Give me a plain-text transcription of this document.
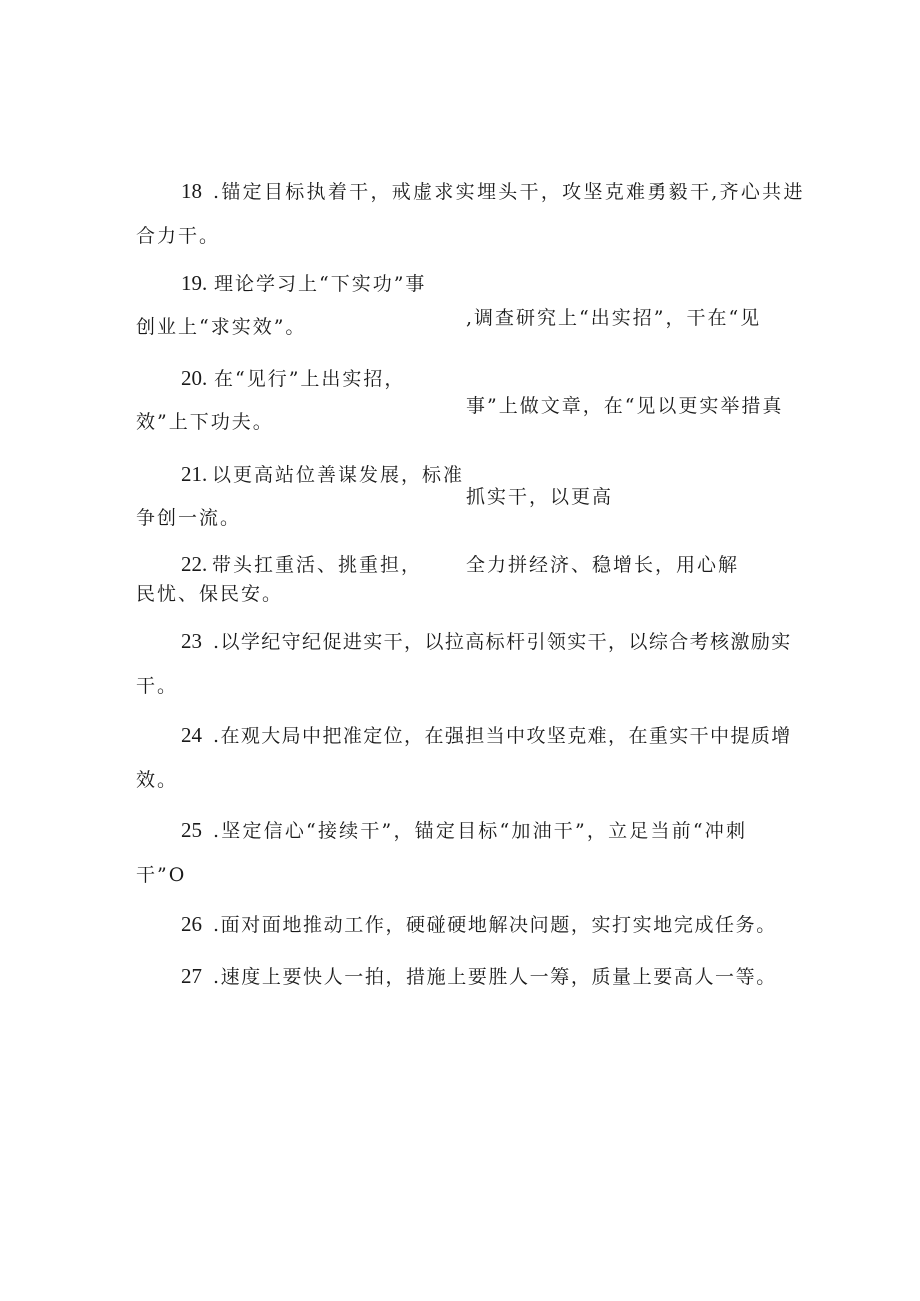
18 .锚定目标执着干，戒虚求实埋头干，攻坚克难勇毅干,齐心共进
合力干。
19. 理论学习上“下实功”事
,调查研究上“出实招”，干在“见
创业上“求实效”。
20. 在“见行”上出实招，
事”上做文章，在“见以更实举措真
效”上下功夫。
21. 以更高站位善谋发展，标准
抓实干，以更高
争创一流。
22. 带头扛重活、挑重担， 全力拼经济、稳增长，用心解
民忧、保民安。
23 .以学纪守纪促进实干，以拉高标杆引领实干，以综合考核激励实
干。
24 .在观大局中把准定位，在强担当中攻坚克难，在重实干中提质增
效。
25 .坚定信心“接续干”，锚定目标“加油干”，立足当前“冲刺
干”O
26 .面对面地推动工作，硬碰硬地解决问题，实打实地完成任务。
27 .速度上要快人一拍，措施上要胜人一筹，质量上要高人一等。
